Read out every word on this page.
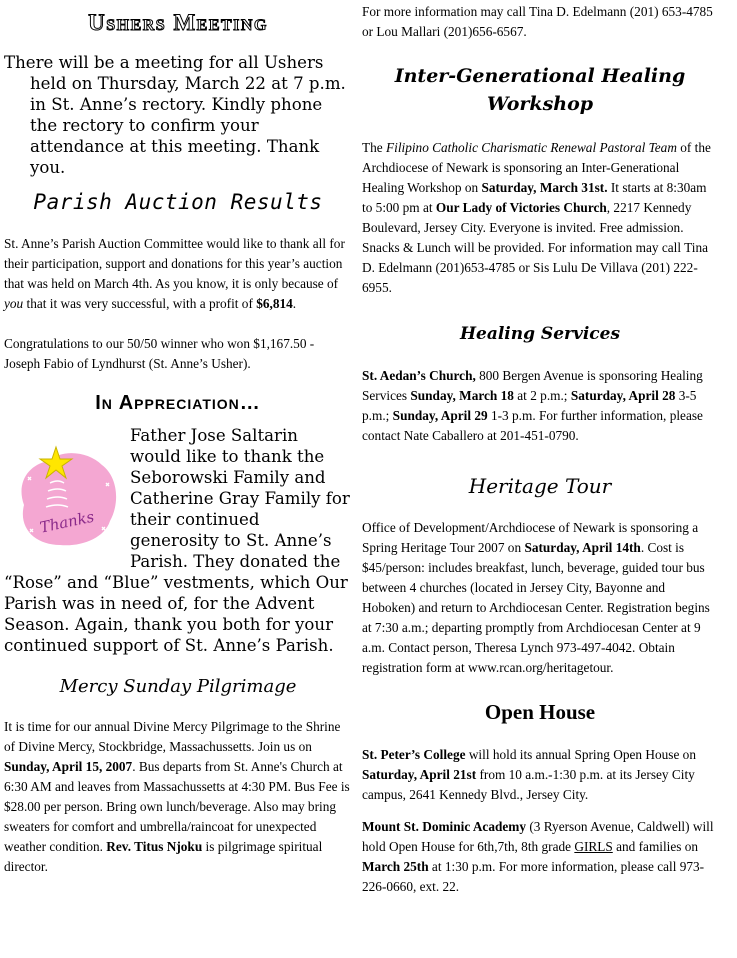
Ushers Meeting

There will be a meeting for all Ushers held on Thursday, March 22 at 7 p.m. in St. Anne’s rectory. Kindly phone the rectory to confirm your attendance at this meeting. Thank you.

Parish Auction Results

St. Anne’s Parish Auction Committee would like to thank all for their participation, support and donations for this year’s auction that was held on March 4th. As you know, it is only because of you that it was very successful, with a profit of $6,814.

Congratulations to our 50/50 winner who won $1,167.50 - Joseph Fabio of Lyndhurst (St. Anne’s Usher).

In Appreciation…
Thanks

Father Jose Saltarin would like to thank the Seborowski Family and Catherine Gray Family for their continued generosity to St. Anne’s Parish. They donated the “Rose” and “Blue” vestments, which Our Parish was in need of, for the Advent Season. Again, thank you both for your continued support of St. Anne’s Parish.

Mercy Sunday Pilgrimage

It is time for our annual Divine Mercy Pilgrimage to the Shrine of Divine Mercy, Stockbridge, Massachussetts. Join us on Sunday, April 15, 2007. Bus departs from St. Anne's Church at 6:30 AM and leaves from Massachussetts at 4:30 PM. Bus Fee is $28.00 per person. Bring own lunch/beverage. Also may bring sweaters for comfort and umbrella/raincoat for unexpected weather condition. Rev. Titus Njoku is pilgrimage spiritual director.

For more information may call Tina D. Edelmann (201) 653-4785 or Lou Mallari (201)656-6567.

Inter-Generational Healing Workshop

The Filipino Catholic Charismatic Renewal Pastoral Team of the Archdiocese of Newark is sponsoring an Inter-Generational Healing Workshop on Saturday, March 31st. It starts at 8:30am to 5:00 pm at Our Lady of Victories Church, 2217 Kennedy Boulevard, Jersey City. Everyone is invited. Free admission. Snacks & Lunch will be provided. For information may call Tina D. Edelmann (201)653-4785 or Sis Lulu De Villava (201) 222- 6955.

Healing Services

St. Aedan’s Church, 800 Bergen Avenue is sponsoring Healing Services Sunday, March 18 at 2 p.m.; Saturday, April 28 3-5 p.m.; Sunday, April 29 1-3 p.m. For further information, please contact Nate Caballero at 201-451-0790.

Heritage Tour

Office of Development/Archdiocese of Newark is sponsoring a Spring Heritage Tour 2007 on Saturday, April 14th. Cost is $45/person: includes breakfast, lunch, beverage, guided tour bus between 4 churches (located in Jersey City, Bayonne and Hoboken) and return to Archdiocesan Center. Registration begins at 7:30 a.m.; departing promptly from Archdiocesan Center at 9 a.m. Contact person, Theresa Lynch 973-497-4042. Obtain registration form at www.rcan.org/heritagetour.

Open House

St. Peter’s College will hold its annual Spring Open House on Saturday, April 21st from 10 a.m.-1:30 p.m. at its Jersey City campus, 2641 Kennedy Blvd., Jersey City.

Mount St. Dominic Academy (3 Ryerson Avenue, Caldwell) will hold Open House for 6th,7th, 8th grade GIRLS and families on March 25th at 1:30 p.m. For more information, please call 973-226-0660, ext. 22.
